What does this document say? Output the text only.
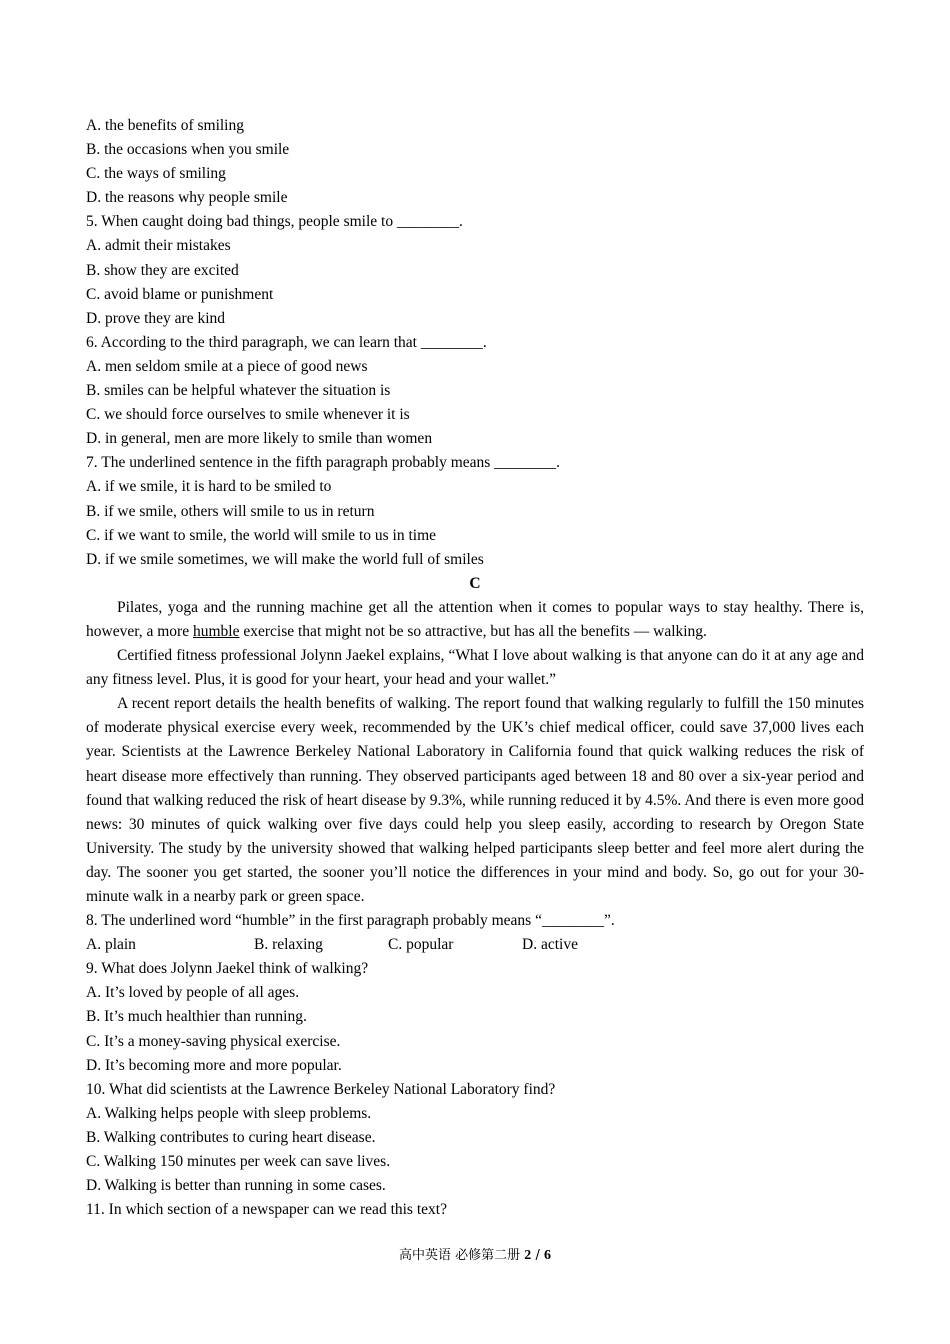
A. the benefits of smiling
B. the occasions when you smile
C. the ways of smiling
D. the reasons why people smile
5. When caught doing bad things, people smile to ________.
A. admit their mistakes
B. show they are excited
C. avoid blame or punishment
D. prove they are kind
6. According to the third paragraph, we can learn that ________.
A. men seldom smile at a piece of good news
B. smiles can be helpful whatever the situation is
C. we should force ourselves to smile whenever it is
D. in general, men are more likely to smile than women
7. The underlined sentence in the fifth paragraph probably means ________.
A. if we smile, it is hard to be smiled to
B. if we smile, others will smile to us in return
C. if we want to smile, the world will smile to us in time
D. if we smile sometimes, we will make the world full of smiles
C

Pilates, yoga and the running machine get all the attention when it comes to popular ways to stay healthy. There is, however, a more humble exercise that might not be so attractive, but has all the benefits — walking.

Certified fitness professional Jolynn Jaekel explains, “What I love about walking is that anyone can do it at any age and any fitness level. Plus, it is good for your heart, your head and your wallet.”

A recent report details the health benefits of walking. The report found that walking regularly to fulfill the 150 minutes of moderate physical exercise every week, recommended by the UK’s chief medical officer, could save 37,000 lives each year. Scientists at the Lawrence Berkeley National Laboratory in California found that quick walking reduces the risk of heart disease more effectively than running. They observed participants aged between 18 and 80 over a six-year period and found that walking reduced the risk of heart disease by 9.3%, while running reduced it by 4.5%. And there is even more good news: 30 minutes of quick walking over five days could help you sleep easily, according to research by Oregon State University. The study by the university showed that walking helped participants sleep better and feel more alert during the day. The sooner you get started, the sooner you’ll notice the differences in your mind and body. So, go out for your 30-minute walk in a nearby park or green space.

8. The underlined word “humble” in the first paragraph probably means “________”.
A. plain	B. relaxing	C. popular	D. active
9. What does Jolynn Jaekel think of walking?
A. It’s loved by people of all ages.
B. It’s much healthier than running.
C. It’s a money‑saving physical exercise.
D. It’s becoming more and more popular.
10. What did scientists at the Lawrence Berkeley National Laboratory find?
A. Walking helps people with sleep problems.
B. Walking contributes to curing heart disease.
C. Walking 150 minutes per week can save lives.
D. Walking is better than running in some cases.
11. In which section of a newspaper can we read this text?
高中英语 必修第二册 2 / 6
